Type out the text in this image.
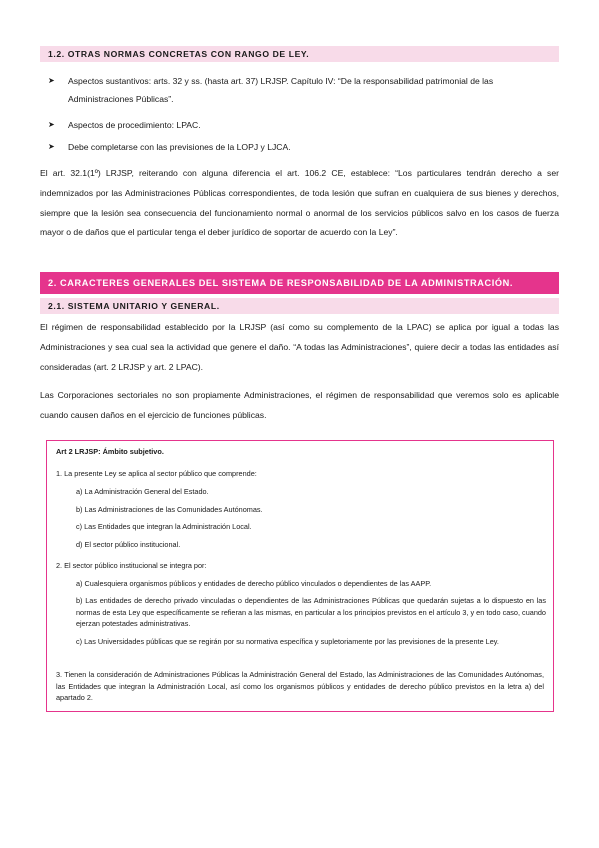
1.2. OTRAS NORMAS CONCRETAS CON RANGO DE LEY.
➤ Aspectos sustantivos: arts. 32 y ss. (hasta art. 37) LRJSP. Capítulo IV: “De la responsabilidad patrimonial de las Administraciones Públicas”.
➤ Aspectos de procedimiento: LPAC.
➤ Debe completarse con las previsiones de la LOPJ y LJCA.

El art. 32.1(1º) LRJSP, reiterando con alguna diferencia el art. 106.2 CE, establece: “Los particulares tendrán derecho a ser indemnizados por las Administraciones Públicas correspondientes, de toda lesión que sufran en cualquiera de sus bienes y derechos, siempre que la lesión sea consecuencia del funcionamiento normal o anormal de los servicios públicos salvo en los casos de fuerza mayor o de daños que el particular tenga el deber jurídico de soportar de acuerdo con la Ley”.

2. CARACTERES GENERALES DEL SISTEMA DE RESPONSABILIDAD DE LA ADMINISTRACIÓN.
2.1. SISTEMA UNITARIO Y GENERAL.

El régimen de responsabilidad establecido por la LRJSP (así como su complemento de la LPAC) se aplica por igual a todas las Administraciones y sea cual sea la actividad que genere el daño. “A todas las Administraciones”, quiere decir a todas las entidades así consideradas (art. 2 LRJSP y art. 2 LPAC).

Las Corporaciones sectoriales no son propiamente Administraciones, el régimen de responsabilidad que veremos solo es aplicable cuando causen daños en el ejercicio de funciones públicas.

Art 2 LRJSP: Ámbito subjetivo.
1. La presente Ley se aplica al sector público que comprende:
a) La Administración General del Estado.
b) Las Administraciones de las Comunidades Autónomas.
c) Las Entidades que integran la Administración Local.
d) El sector público institucional.
2. El sector público institucional se integra por:
a) Cualesquiera organismos públicos y entidades de derecho público vinculados o dependientes de las AAPP.
b) Las entidades de derecho privado vinculadas o dependientes de las Administraciones Públicas que quedarán sujetas a lo dispuesto en las normas de esta Ley que específicamente se refieran a las mismas, en particular a los principios previstos en el artículo 3, y en todo caso, cuando ejerzan potestades administrativas.
c) Las Universidades públicas que se regirán por su normativa específica y supletoriamente por las previsiones de la presente Ley.
3. Tienen la consideración de Administraciones Públicas la Administración General del Estado, las Administraciones de las Comunidades Autónomas, las Entidades que integran la Administración Local, así como los organismos públicos y entidades de derecho público previstos en la letra a) del apartado 2.
